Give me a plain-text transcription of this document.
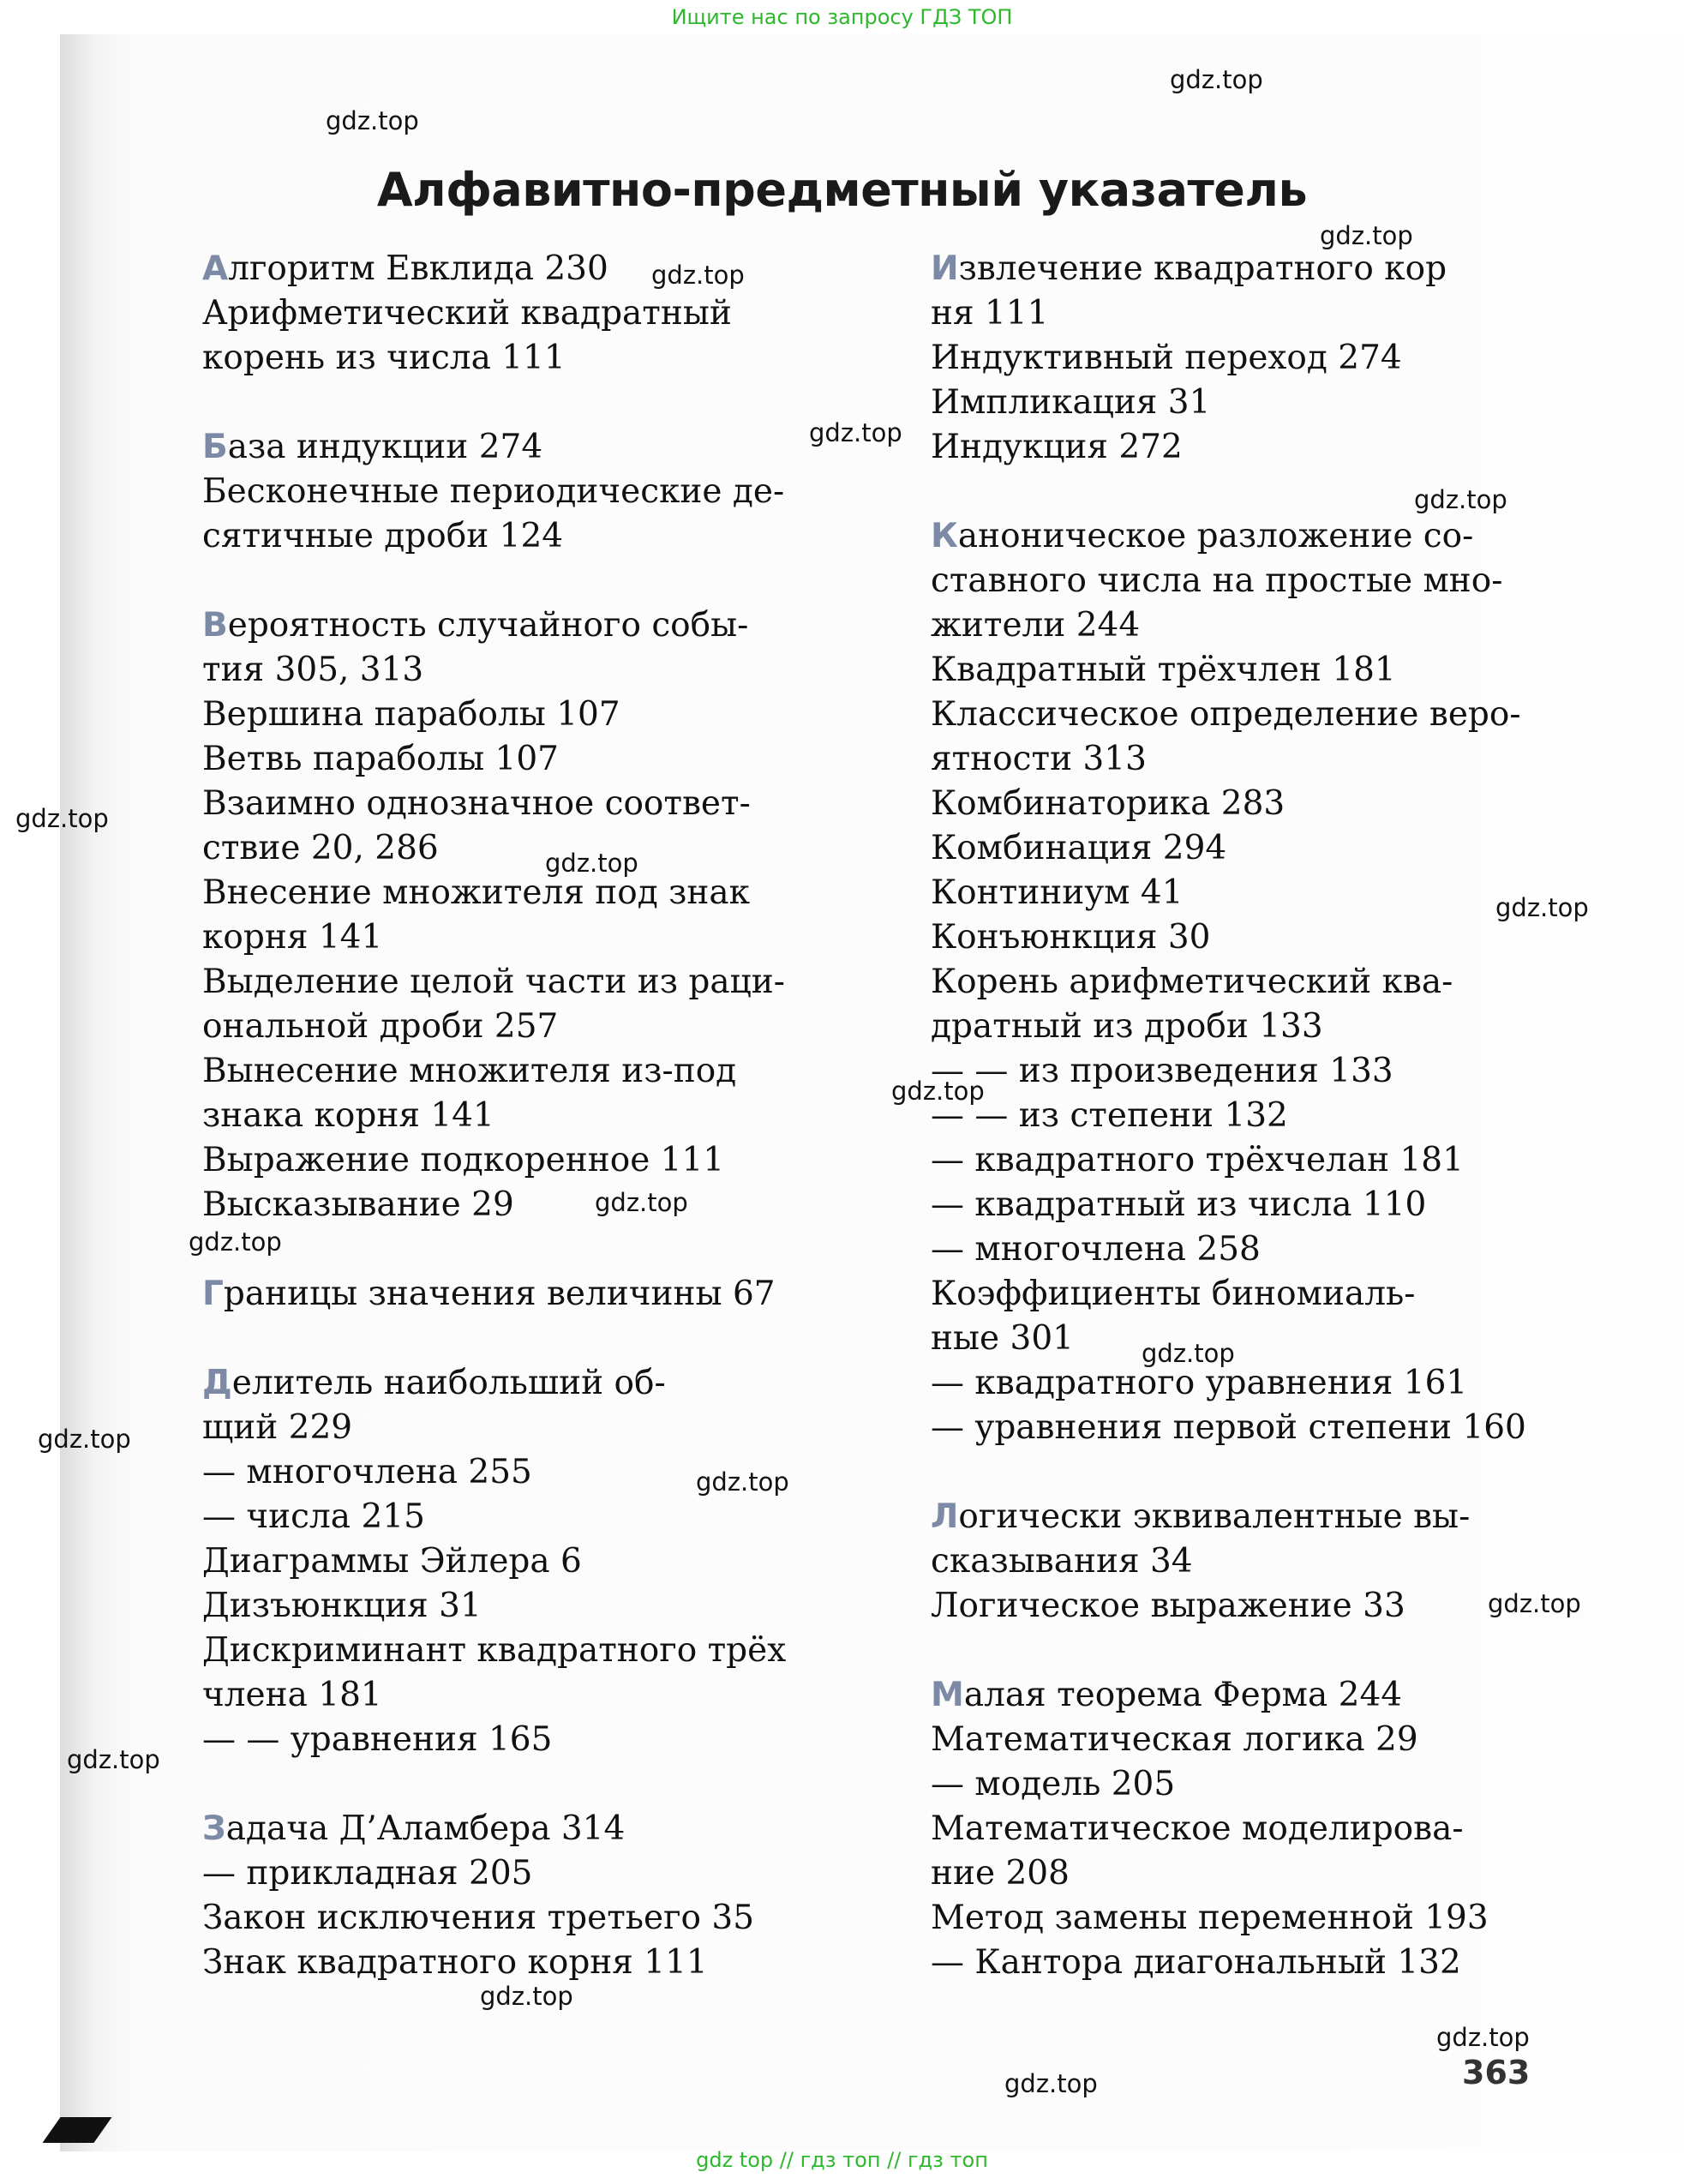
Ищите нас по запросу ГДЗ ТОП
Алфавитно-предметный указатель
Алгоритм Евклида 230
Арифметический квадратный
корень из числа 111
База индукции 274
Бесконечные периодические де-
сятичные дроби 124
Вероятность случайного собы-
тия 305, 313
Вершина параболы 107
Ветвь параболы 107
Взаимно однозначное соответ-
ствие 20, 286
Внесение множителя под знак
корня 141
Выделение целой части из рaци-
ональной дроби 257
Вынесение множителя из-под
знака корня 141
Выражение подкоренное 111
Высказывание 29
Границы значения величины 67
Делитель наибольший об-
щий 229
— многочлена 255
— числа 215
Диаграммы Эйлера 6
Дизъюнкция 31
Дискриминант квадратного трёх
члена 181
— — уравнения 165
Задача Д’Аламбера 314
— прикладная 205
Закон исключения третьего 35
Знак квадратного корня 111
Извлечение квадратного кор
ня 111
Индуктивный переход 274
Импликация 31
Индукция 272
Каноническое разложение со-
ставного числа на простые мно-
жители 244
Квадратный трёхчлен 181
Классическое определение веро-
ятности 313
Комбинаторика 283
Комбинация 294
Континиум 41
Конъюнкция 30
Корень арифметический ква-
дратный из дроби 133
— — из произведения 133
— — из степени 132
— квадратного трёхчелан 181
— квадратный из числа 110
— многочлена 258
Коэффициенты биномиаль-
ные 301
— квадратного уравнения 161
— уравнения первой степени 160
Логически эквивалентные вы-
сказывания 34
Логическое выражение 33
Малая теорема Ферма 244
Математическая логика 29
— модель 205
Математическое моделирова-
ние 208
Метод замены переменной 193
— Кантора диагональный 132
gdz.top
gdz.top
gdz.top
gdz.top
gdz.top
gdz.top
gdz.top
gdz.top
gdz.top
gdz.top
gdz.top
gdz.top
gdz.top
gdz.top
gdz.top
gdz.top
gdz.top
gdz.top
gdz.top
gdz.top	363
gdz top // гдз топ // гдз топ
